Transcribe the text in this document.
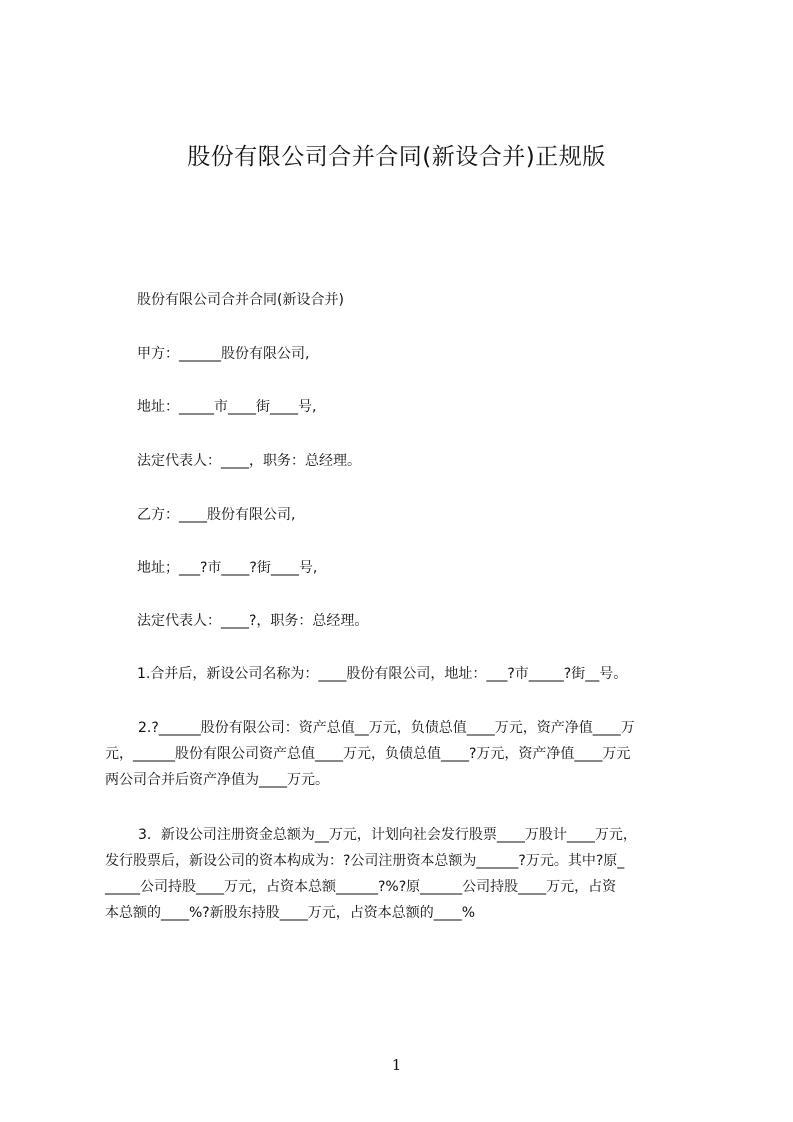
股份有限公司合并合同(新设合并)正规版
股份有限公司合并合同(新设合并)
甲方：______股份有限公司,
地址：_____市____街____号,
法定代表人：____，职务：总经理。
乙方：____股份有限公司,
地址；___?市____?街____号,
法定代表人：____?，职务：总经理。
1.合并后，新设公司名称为：____股份有限公司，地址：___?市_____?街__号。
2.?______股份有限公司：资产总值__万元，负债总值____万元，资产净值____万
元，______股份有限公司资产总值____万元，负债总值____?万元，资产净值____万元
两公司合并后资产净值为____万元。
3．新设公司注册资金总额为__万元，计划向社会发行股票____万股计____万元，
发行股票后，新设公司的资本构成为：?公司注册资本总额为______?万元。其中?原_
_____公司持股____万元，占资本总额______?%?原______公司持股____万元，占资
本总额的____%?新股东持股____万元，占资本总额的____%
1
